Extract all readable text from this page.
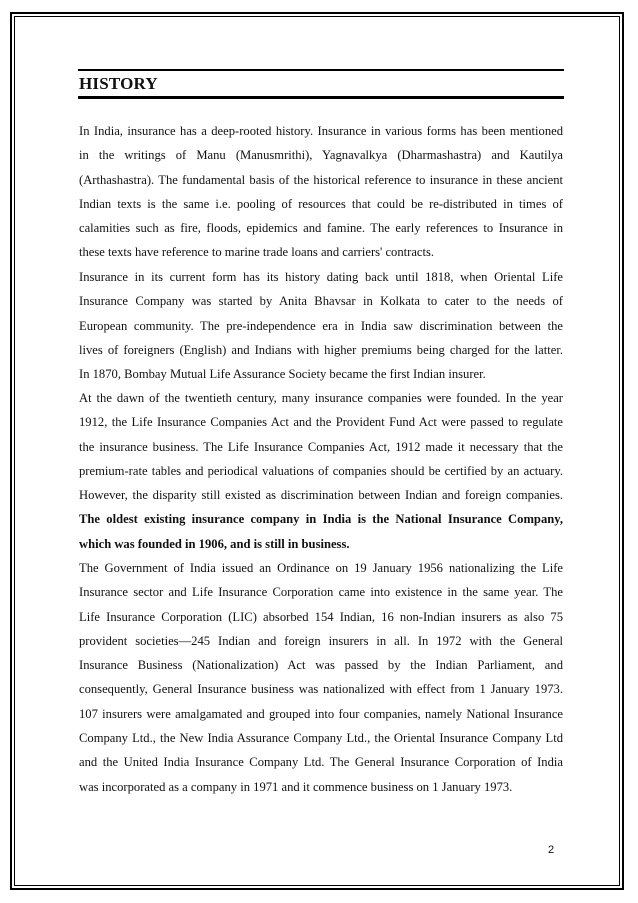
HISTORY
In India, insurance has a deep-rooted history. Insurance in various forms has been mentioned
in the writings of Manu (Manusmrithi), Yagnavalkya (Dharmashastra) and Kautilya
(Arthashastra). The fundamental basis of the historical reference to insurance in these ancient
Indian texts is the same i.e. pooling of resources that could be re-distributed in times of
calamities such as fire, floods, epidemics and famine. The early references to Insurance in
these texts have reference to marine trade loans and carriers' contracts.
Insurance in its current form has its history dating back until 1818, when Oriental Life
Insurance Company was started by Anita Bhavsar in Kolkata to cater to the needs of
European community. The pre-independence era in India saw discrimination between the
lives of foreigners (English) and Indians with higher premiums being charged for the latter.
In 1870, Bombay Mutual Life Assurance Society became the first Indian insurer.
At the dawn of the twentieth century, many insurance companies were founded. In the year
1912, the Life Insurance Companies Act and the Provident Fund Act were passed to regulate
the insurance business. The Life Insurance Companies Act, 1912 made it necessary that the
premium-rate tables and periodical valuations of companies should be certified by an actuary.
However, the disparity still existed as discrimination between Indian and foreign companies.
The oldest existing insurance company in India is the National Insurance Company,
which was founded in 1906, and is still in business.
The Government of India issued an Ordinance on 19 January 1956 nationalizing the Life
Insurance sector and Life Insurance Corporation came into existence in the same year. The
Life Insurance Corporation (LIC) absorbed 154 Indian, 16 non-Indian insurers as also 75
provident societies—245 Indian and foreign insurers in all. In 1972 with the General
Insurance Business (Nationalization) Act was passed by the Indian Parliament, and
consequently, General Insurance business was nationalized with effect from 1 January 1973.
107 insurers were amalgamated and grouped into four companies, namely National Insurance
Company Ltd., the New India Assurance Company Ltd., the Oriental Insurance Company Ltd
and the United India Insurance Company Ltd. The General Insurance Corporation of India
was incorporated as a company in 1971 and it commence business on 1 January 1973.
2
